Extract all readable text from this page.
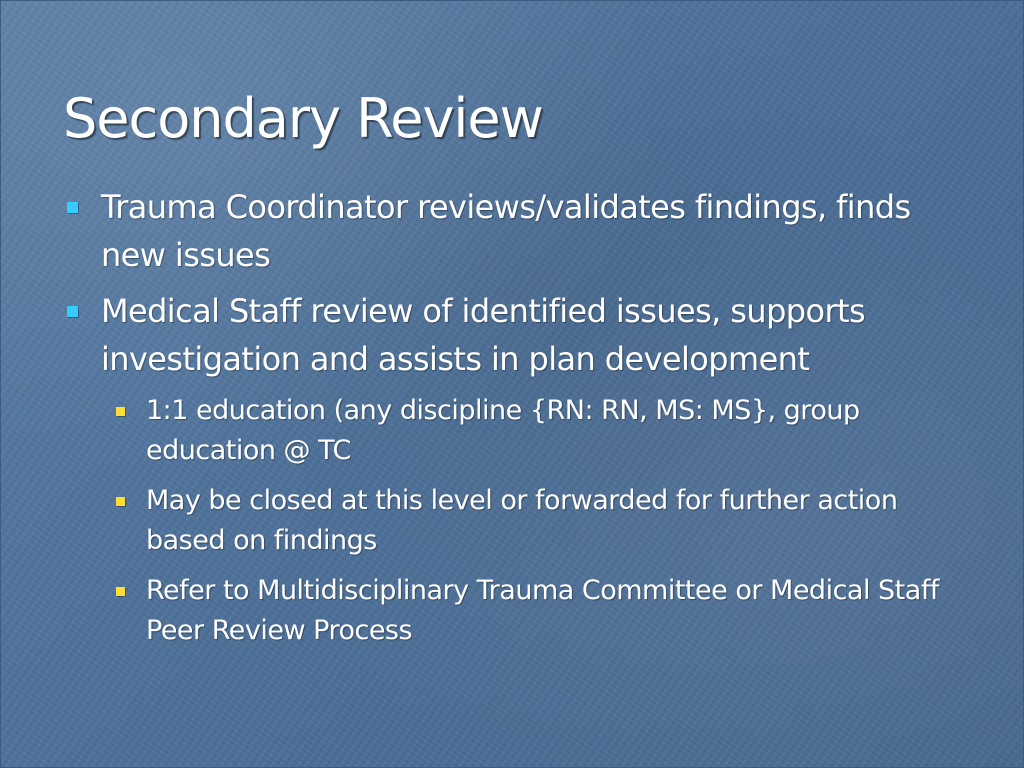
Secondary Review
Trauma Coordinator reviews/validates findings, finds new issues
Medical Staff review of identified issues, supports investigation and assists in plan development
1:1 education (any discipline {RN: RN, MS: MS}, group education @ TC
May be closed at this level or forwarded for further action based on findings
Refer to Multidisciplinary Trauma Committee or Medical Staff Peer Review Process
